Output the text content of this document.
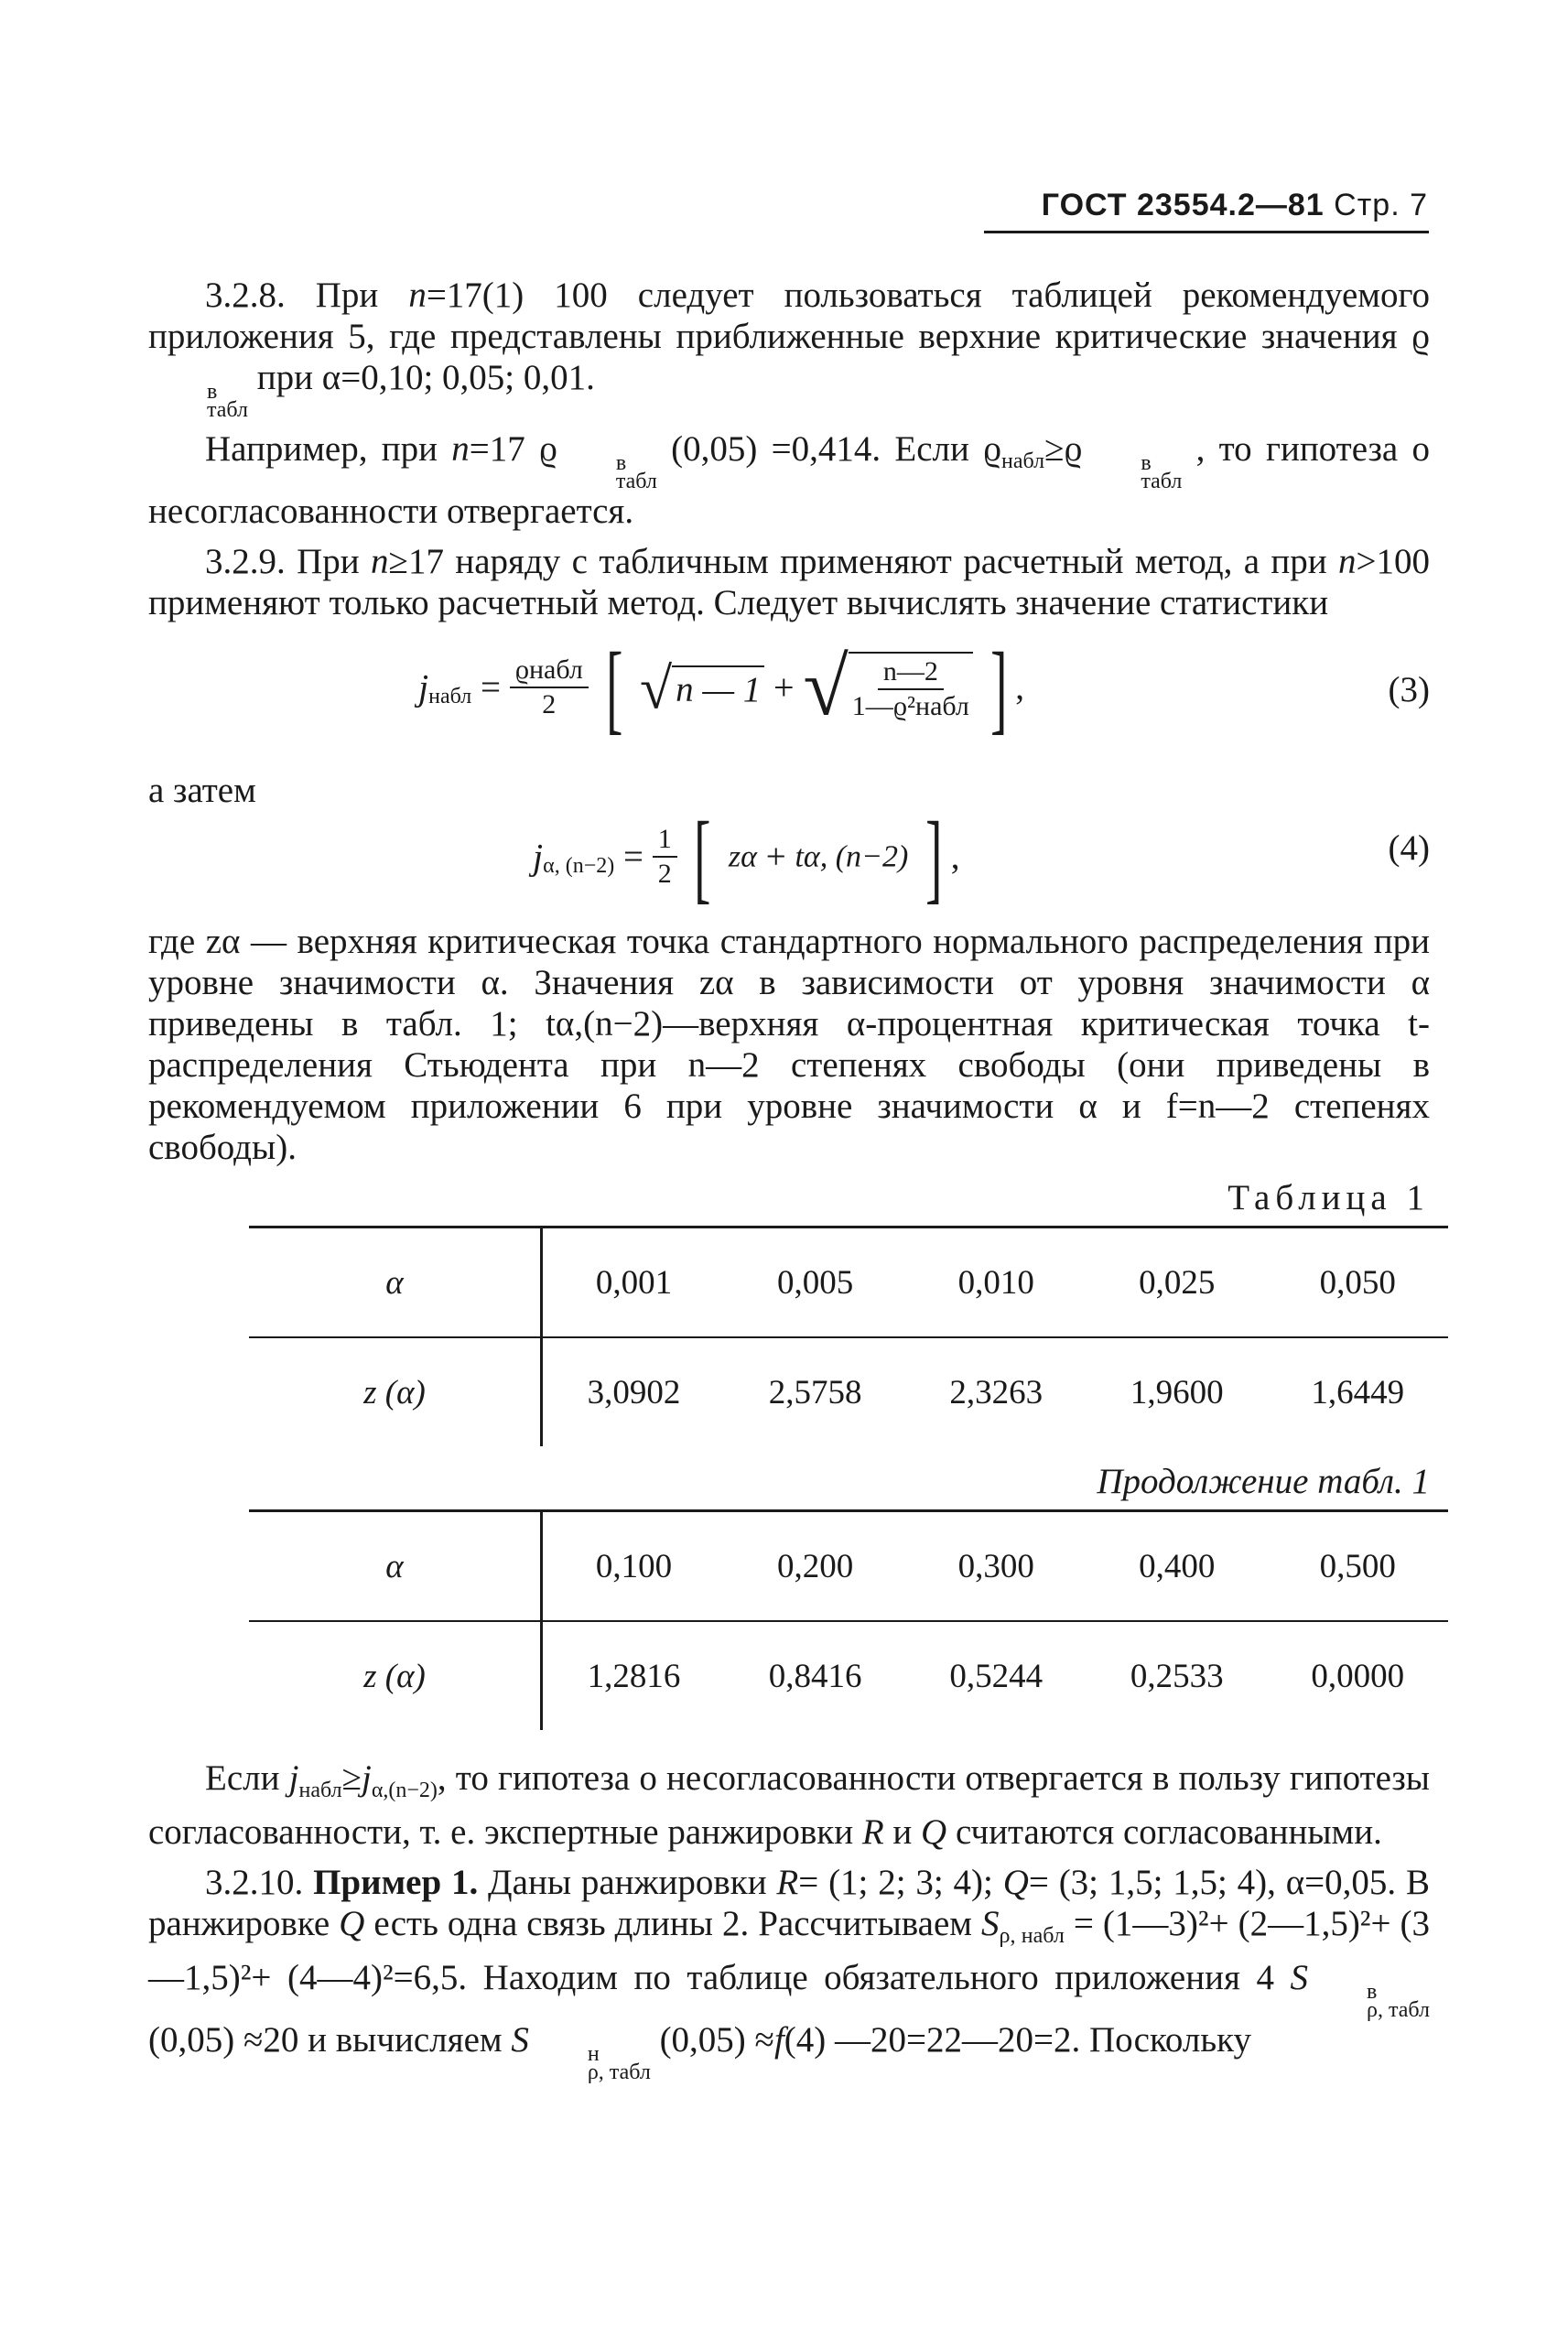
ГОСТ 23554.2—81 Стр. 7

3.2.8. При n=17(1) 100 следует пользоваться таблицей рекомендуемого приложения 5, где представлены приближенные верхние критические значения ϱ
в
табл
при α=0,10; 0,05; 0,01.

Например, при n=17 ϱ	в
табл
(0,05) =0,414. Если $ϱ_{набл}\ge ϱ$	в
табл
, то гипотеза о несогласованности отвергается.

3.2.9. При n≥17 наряду с табличным применяют расчетный метод, а при n>100 применяют только расчетный метод. Следует вычислять значение статистики

$j_{набл} = \frac{\text{ϱнабл}}{2}$ [ √ n — 1 + √ $\frac{n—2}{\text{1—ϱ²набл}}$ ] ,	(3)

а затем

$j_{\alpha, (n-2)} = \frac{1}{2}$ [ zα + tα, (n−2) ] ,	(4)

где zα — верхняя критическая точка стандартного нормального распределения при уровне значимости α. Значения zα в зависимости от уровня значимости α приведены в табл. 1; tα,(n−2)—верхняя α-процентная критическая точка t-распределения Стьюдента при n—2 степенях свободы (они приведены в рекомендуемом приложении 6 при уровне значимости α и f=n—2 степенях свободы).

Таблица 1
α	0,001	0,005	0,010	0,025	0,050
z (α)	3,0902	2,5758	2,3263	1,9600	1,6449
Продолжение табл. 1
α	0,100	0,200	0,300	0,400	0,500
z (α)	1,2816	0,8416	0,5244	0,2533	0,0000

Если $j_{набл}\ge j_{\alpha,(n-2)}$, то гипотеза о несогласованности отвергается в пользу гипотезы согласованности, т. е. экспертные ранжировки R и Q считаются согласованными.

3.2.10. Пример 1. Даны ранжировки R= (1; 2; 3; 4); Q= (3; 1,5; 1,5; 4), α=0,05. В ранжировке Q есть одна связь длины 2. Рассчитываем $S_{\rho, набл}$ = (1—3)²+ (2—1,5)²+ (3—1,5)²+ (4—4)²=6,5. Находим по таблице обязательного приложения 4 S	в
ρ, табл
(0,05) ≈20 и вычисляем S	н
ρ, табл
(0,05) ≈f(4) —20=22—20=2. Поскольку
